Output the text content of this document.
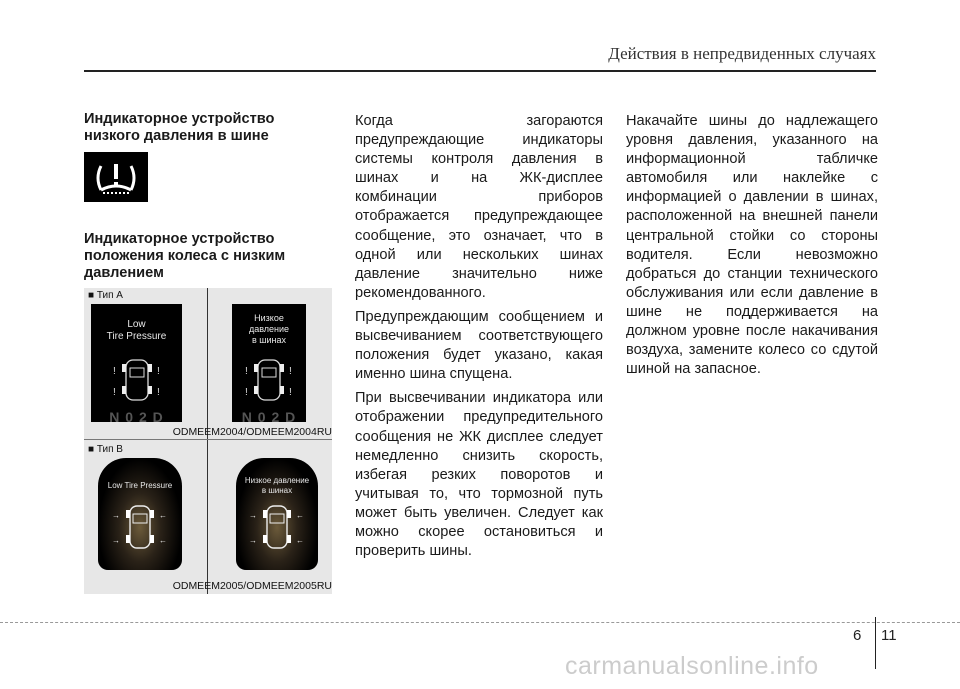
Действия в непредвиденных случаях
Индикаторное устройство низкого давления в шине
Индикаторное устройство положения колеса с низким давлением
■ Тип А
Low
Tire Pressure
!	!
!	!
N 0 2 D
Низкое
давление
в шинах
!	!
!	!
N 0 2 D
ODMEEM2004/ODMEEM2004RU
■ Тип В
Low Tire Pressure
→	←
→	←
Низкое давление
в шинах
→	←
→	←
ODMEEM2005/ODMEEM2005RU

Когда загораются предупреждающие индикаторы системы контроля давления в шинах и на ЖК-дисплее комбинации приборов отображается предупреждающее сообщение, это означает, что в одной или нескольких шинах давление значительно ниже рекомендованного.

Предупреждающим сообщением и высвечиванием соответствующего положения будет указано, какая именно шина спущена.

При высвечивании индикатора или отображении предупредительного сообщения не ЖК дисплее следует немедленно снизить скорость, избегая резких поворотов и учитывая то, что тормозной путь может быть увеличен. Следует как можно скорее остановиться и проверить шины.

Накачайте шины до надлежащего уровня давления, указанного на информационной табличке автомобиля или наклейке с информацией о давлении в шинах, расположенной на внешней панели центральной стойки со стороны водителя. Если невозможно добраться до станции технического обслуживания или если давление в шине не поддерживается на должном уровне после накачивания воздуха, замените колесо со сдутой шиной на запасное.

6 11
carmanualsonline.info
